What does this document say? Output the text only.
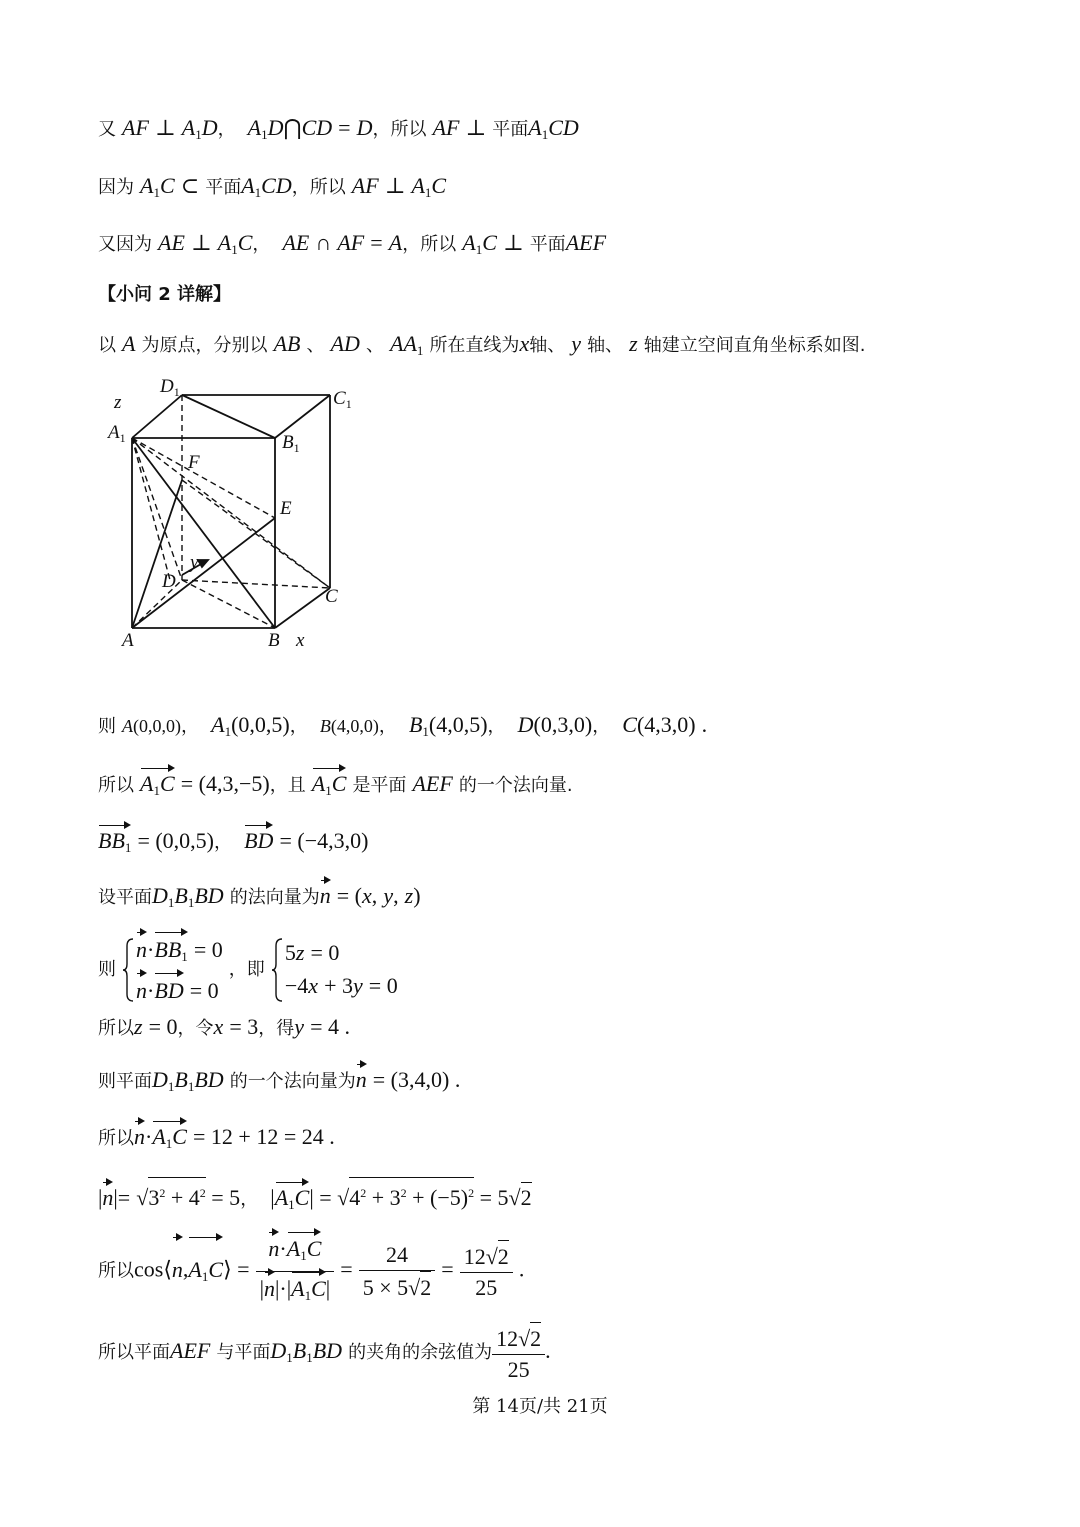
又 AF ⊥ $A_1D$， $A_1D⋂CD = D$，所以 AF ⊥ 平面$A_1CD$
因为 $A_1C$ ⊂ 平面$A_1CD$，所以 AF ⊥ $A_1C$
又因为 AE ⊥ $A_1C$， AE ∩ AF = A，所以 $A_1C$ ⊥ 平面AEF
【小问 2 详解】
以 A 为原点，分别以 AB 、 AD 、 $AA_1$ 所在直线为x轴、 y 轴、 z 轴建立空间直角坐标系如图.
z
$D_1$	$C_1$
$A_1$	$B_1$
F
E
y
D
C
A	B x
则 A(0,0,0)， $A_1(0,0,5)$， B(4,0,0)， $B_1(4,0,5)$， D(0,3,0)， C(4,3,0) .
所以 $A_1C = (4,3,-5)$，且 $A_1C$ 是平面 AEF 的一个法向量.
$BB_1 = (0,0,5)$， BD = (−4,3,0)
设平面$D_1B_1BD$ 的法向量为n = (x, y, z)
则
$n\cdot BB_1 = 0$
n·BD = 0
，即
5z = 0
−4x + 3y = 0
所以z = 0，令x = 3，得y = 4 .
则平面$D_1B_1BD$ 的一个法向量为n = (3,4,0) .
所以$n\cdot A_1C = 12 + 12 = 24$ .
$|n|= √3^2 + 4^2 = 5$， $|A_1C| = √4^2 + 3^2 + (-5)^2 = 5√2$
所以$\cos⟨n,A_1C⟩ = \frac{n\cdot A_1C}{|n|\cdot|A_1C|} = \frac{24}{5 \times 5√2} = \frac{12√2}{25}$ .
所以平面AEF 与平面$D_1B_1BD$ 的夹角的余弦值为 $\frac{12√2}{25}$ .
第 14页/共 21页
